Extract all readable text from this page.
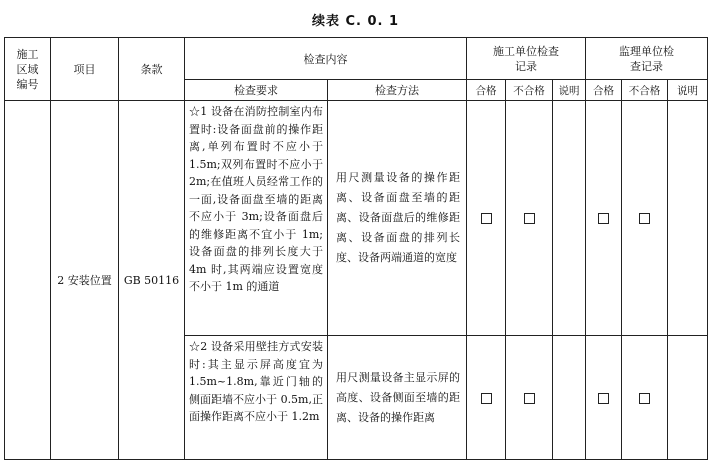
续表 C. 0. 1
施工区域编号	项目	条款	检查内容		施工单位检查记录			监理单位检查记录		
			检查要求	检查方法	合格	不合格	说明	合格	不合格	说明
	2 安装位置	GB 50116	☆1 设备在消防控制室内布置时:设备面盘前的操作距离,单列布置时不应小于 1.5m;双列布置时不应小于 2m;在值班人员经常工作的一面,设备面盘至墙的距离不应小于 3m;设备面盘后的维修距离不宜小于 1m;设备面盘的排列长度大于4m 时,其两端应设置宽度不小于 1m 的通道	用尺测量设备的操作距离、设备面盘至墙的距离、设备面盘后的维修距离、设备面盘的排列长度、设备两端通道的宽度						
			☆2 设备采用壁挂方式安装时:其主显示屏高度宜为 1.5m~1.8m,靠近门轴的侧面距墙不应小于 0.5m,正面操作距离不应小于 1.2m	用尺测量设备主显示屏的高度、设备侧面至墙的距离、设备的操作距离						
